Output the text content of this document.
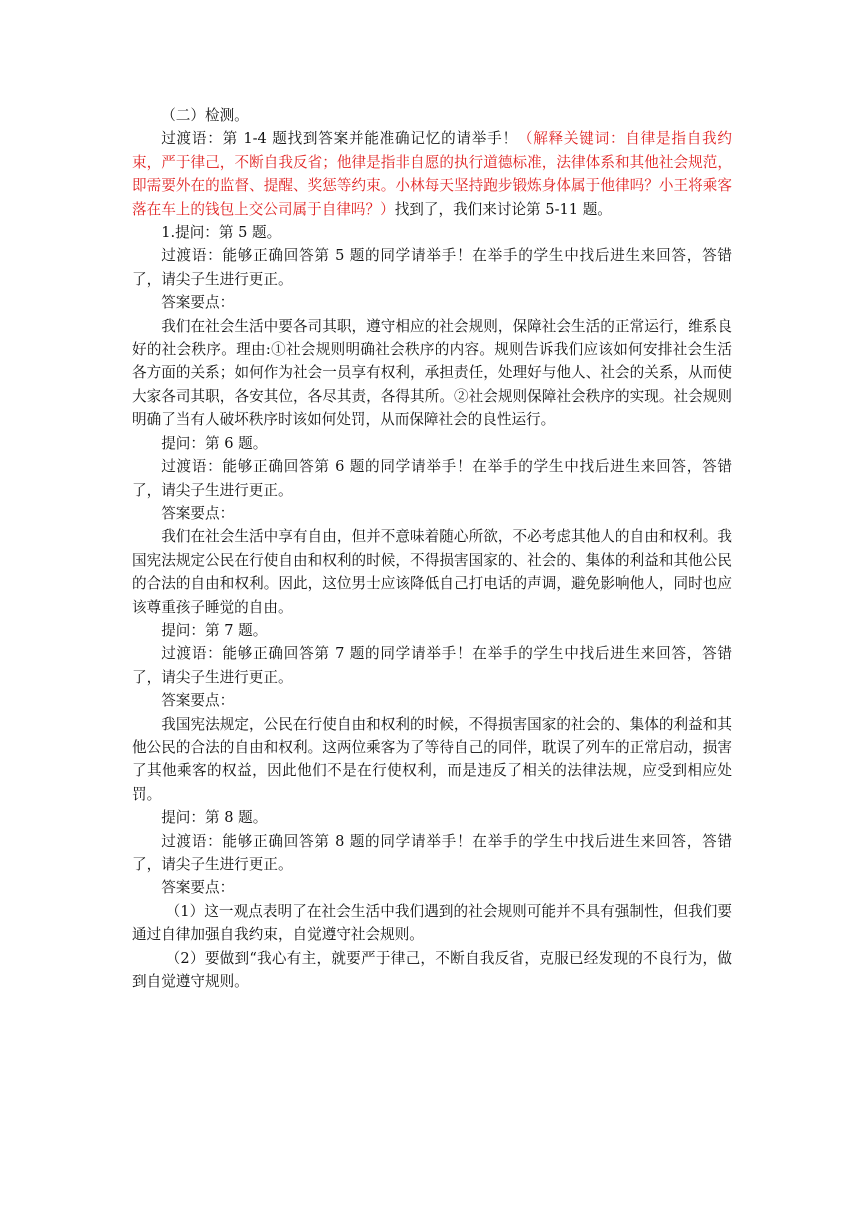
（二）检测。

过渡语：第 1-4 题找到答案并能准确记忆的请举手！（解释关键词：自律是指自我约束，严于律己，不断自我反省；他律是指非自愿的执行道德标准，法律体系和其他社会规范，即需要外在的监督、提醒、奖惩等约束。小林每天坚持跑步锻炼身体属于他律吗？小王将乘客落在车上的钱包上交公司属于自律吗？）找到了，我们来讨论第 5-11 题。

1.提问：第 5 题。

过渡语：能够正确回答第 5 题的同学请举手！在举手的学生中找后进生来回答，答错了，请尖子生进行更正。

答案要点：

我们在社会生活中要各司其职，遵守相应的社会规则，保障社会生活的正常运行，维系良好的社会秩序。理由:①社会规则明确社会秩序的内容。规则告诉我们应该如何安排社会生活各方面的关系；如何作为社会一员享有权利，承担责任，处理好与他人、社会的关系，从而使大家各司其职，各安其位，各尽其责，各得其所。②社会规则保障社会秩序的实现。社会规则明确了当有人破坏秩序时该如何处罚，从而保障社会的良性运行。

提问：第 6 题。

过渡语：能够正确回答第 6 题的同学请举手！在举手的学生中找后进生来回答，答错了，请尖子生进行更正。

答案要点：

我们在社会生活中享有自由，但并不意味着随心所欲，不必考虑其他人的自由和权利。我国宪法规定公民在行使自由和权利的时候，不得损害国家的、社会的、集体的利益和其他公民的合法的自由和权利。因此，这位男士应该降低自己打电话的声调，避免影响他人，同时也应该尊重孩子睡觉的自由。

提问：第 7 题。

过渡语：能够正确回答第 7 题的同学请举手！在举手的学生中找后进生来回答，答错了，请尖子生进行更正。

答案要点：

我国宪法规定，公民在行使自由和权利的时候，不得损害国家的社会的、集体的利益和其他公民的合法的自由和权利。这两位乘客为了等待自己的同伴，耽误了列车的正常启动，损害了其他乘客的权益，因此他们不是在行使权利，而是违反了相关的法律法规，应受到相应处罚。

提问：第 8 题。

过渡语：能够正确回答第 8 题的同学请举手！在举手的学生中找后进生来回答，答错了，请尖子生进行更正。

答案要点：

（1）这一观点表明了在社会生活中我们遇到的社会规则可能并不具有强制性，但我们要通过自律加强自我约束，自觉遵守社会规则。

（2）要做到“我心有主，就要严于律己，不断自我反省，克服已经发现的不良行为，做到自觉遵守规则。
